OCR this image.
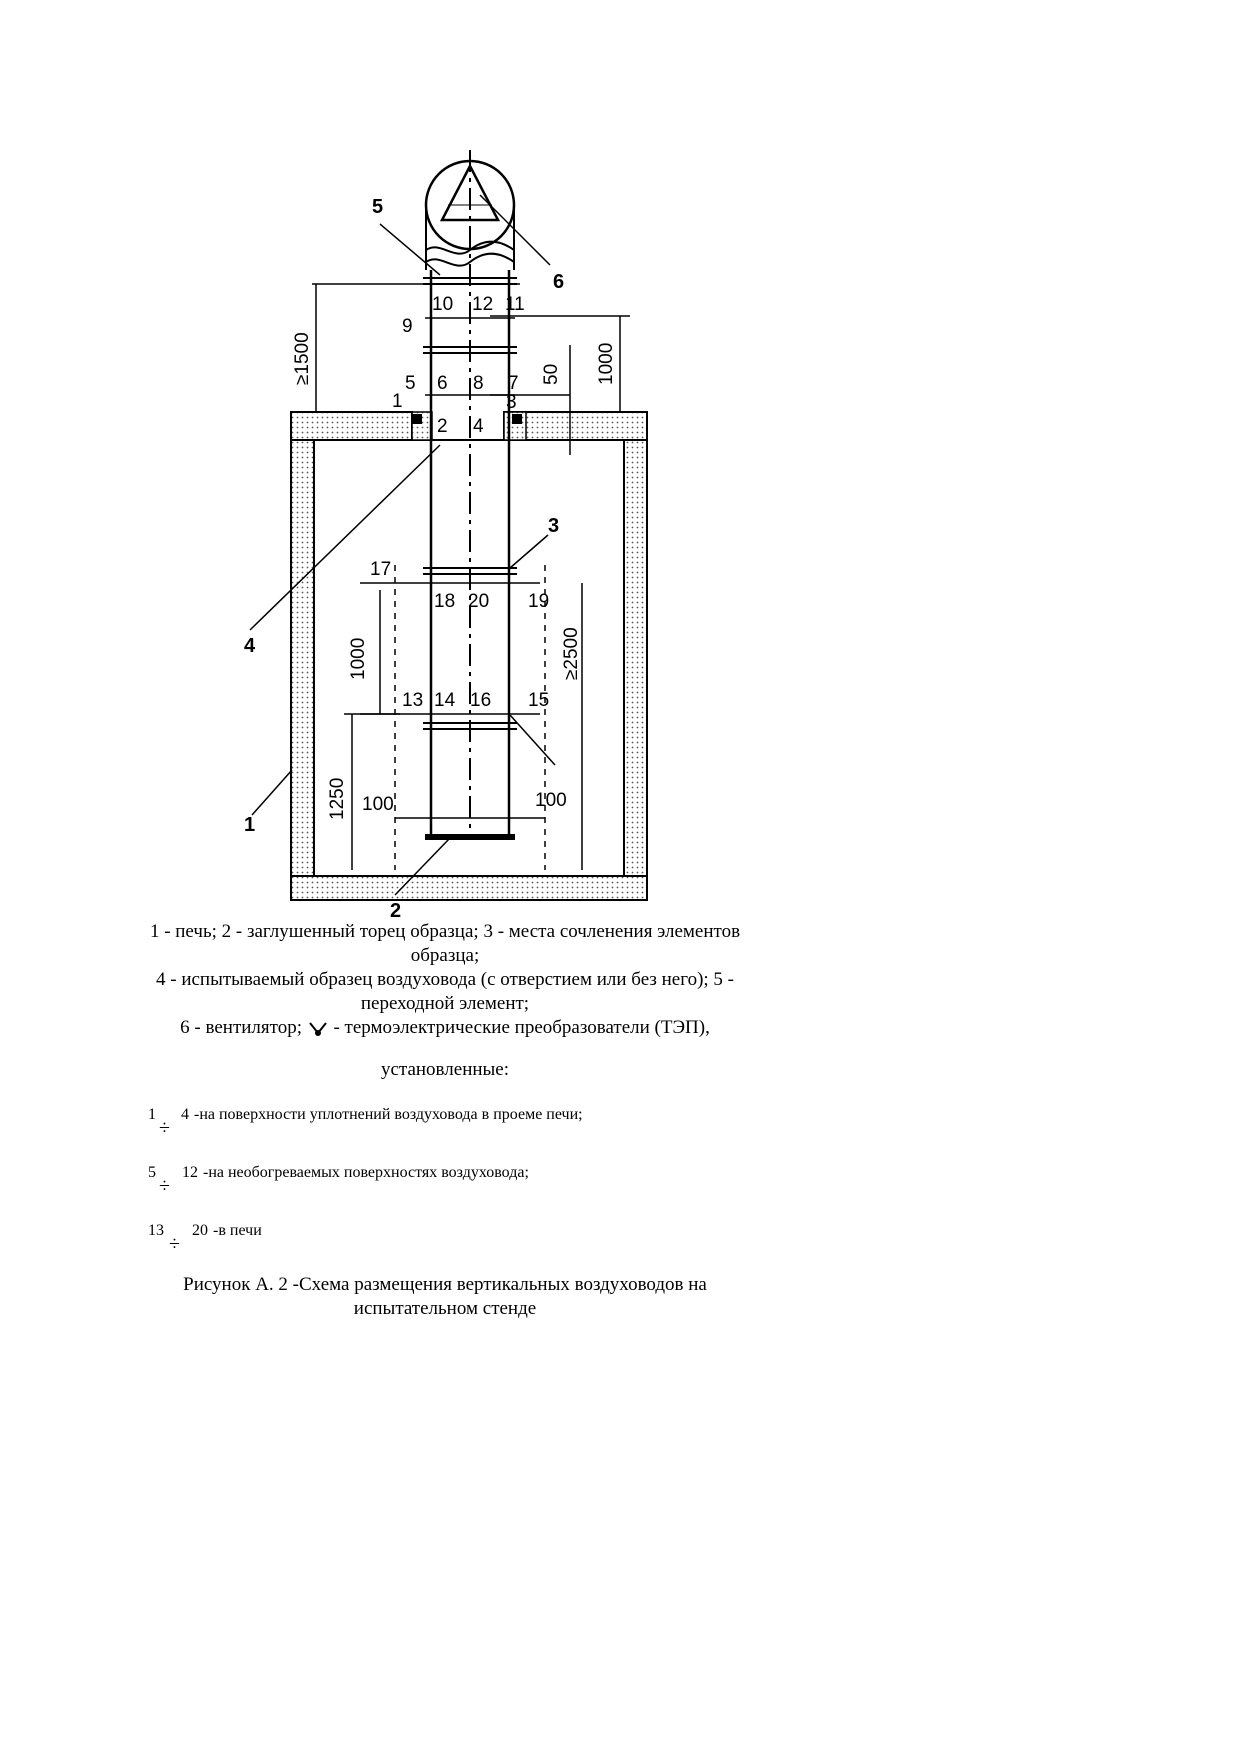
5
6
10 12 11
9
≥1500	1000
50
5 6 8 7
1	3
2 4
3
4
17
18 20 19
1000	≥2500
13 14 16 15
1250 100	100
1
2
1 - печь; 2 - заглушенный торец образца; 3 - места сочленения элементов
образца;
4 - испытываемый образец воздуховода (с отверстием или без него); 5 -
переходной элемент;
6 - вентилятор; - термоэлектрические преобразователи (ТЭП),
установленные:
1
÷
4 -на поверхности уплотнений воздуховода в проеме печи;
5
÷
12 -на необогреваемых поверхностях воздуховода;
13
÷
20 -в печи
Рисунок А. 2 -Схема размещения вертикальных воздуховодов на
испытательном стенде
